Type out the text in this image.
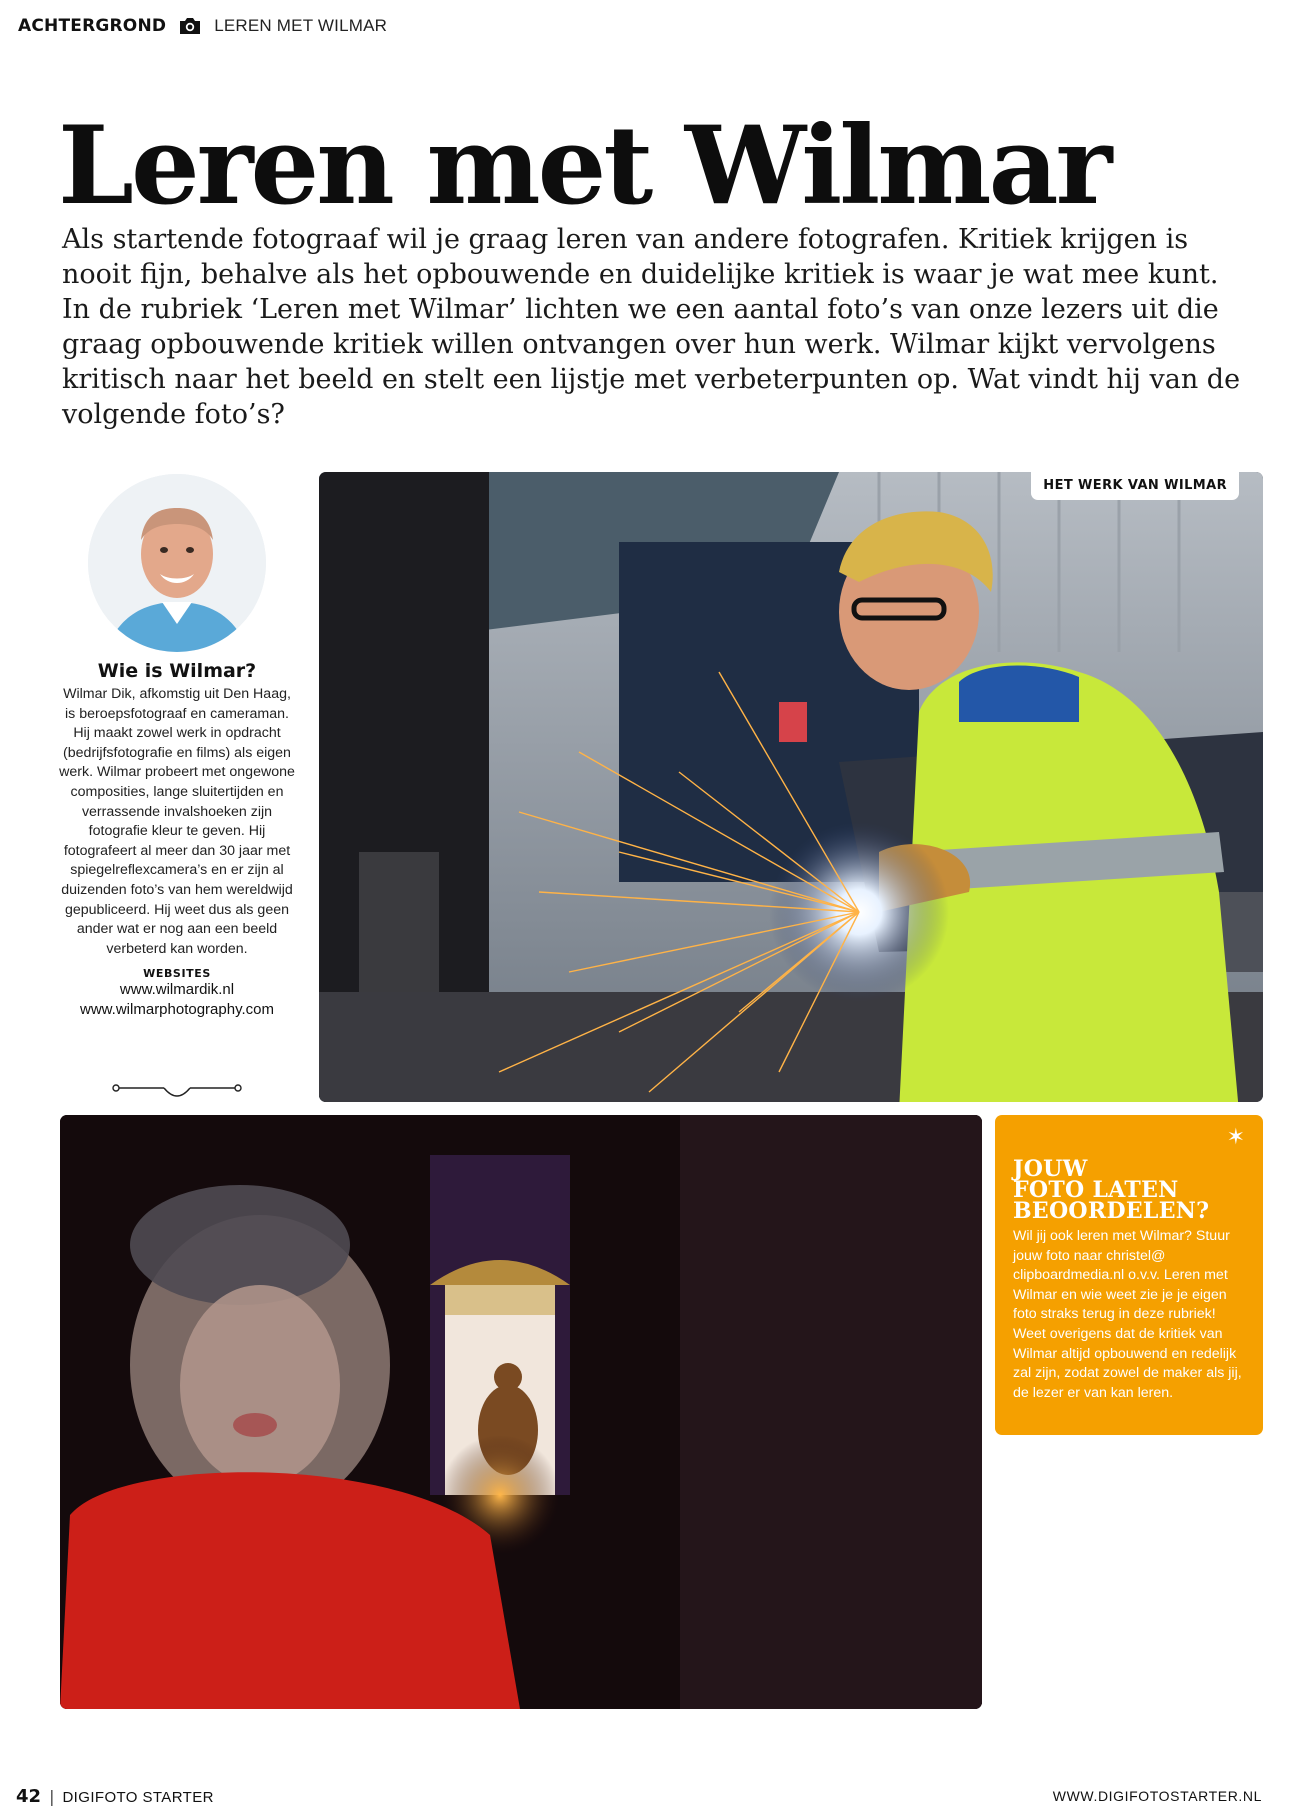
ACHTERGROND	LEREN MET WILMAR
Leren met Wilmar

Als startende fotograaf wil je graag leren van andere fotografen. Kritiek krijgen is nooit fijn, behalve als het opbouwende en duidelijke kritiek is waar je wat mee kunt. In de rubriek ‘Leren met Wilmar’ lichten we een aantal foto’s van onze lezers uit die graag opbouwende kritiek willen ontvangen over hun werk. Wilmar kijkt vervolgens kritisch naar het beeld en stelt een lijstje met verbeterpunten op. Wat vindt hij van de volgende foto’s?

Wie is Wilmar?

Wilmar Dik, afkomstig uit Den Haag, is beroepsfotograaf en cameraman. Hij maakt zowel werk in opdracht (bedrijfsfotografie en films) als eigen werk. Wilmar probeert met ongewone composities, lange sluitertijden en verrassende invalshoeken zijn fotografie kleur te geven. Hij fotografeert al meer dan 30 jaar met spiegelreflexcamera’s en er zijn al duizenden foto’s van hem wereldwijd gepubliceerd. Hij weet dus als geen ander wat er nog aan een beeld verbeterd kan worden.

WEBSITES
www.wilmardik.nl
www.wilmarphotography.com
HET WERK VAN WILMAR
✶
JOUW
FOTO LATEN
BEOORDELEN?

Wil jij ook leren met Wilmar? Stuur jouw foto naar christel@ clipboardmedia.nl o.v.v. Leren met Wilmar en wie weet zie je je eigen foto straks terug in deze rubriek! Weet overigens dat de kritiek van Wilmar altijd opbouwend en redelijk zal zijn, zodat zowel de maker als jij, de lezer er van kan leren.

42 | DIGIFOTO STARTER	WWW.DIGIFOTOSTARTER.NL
